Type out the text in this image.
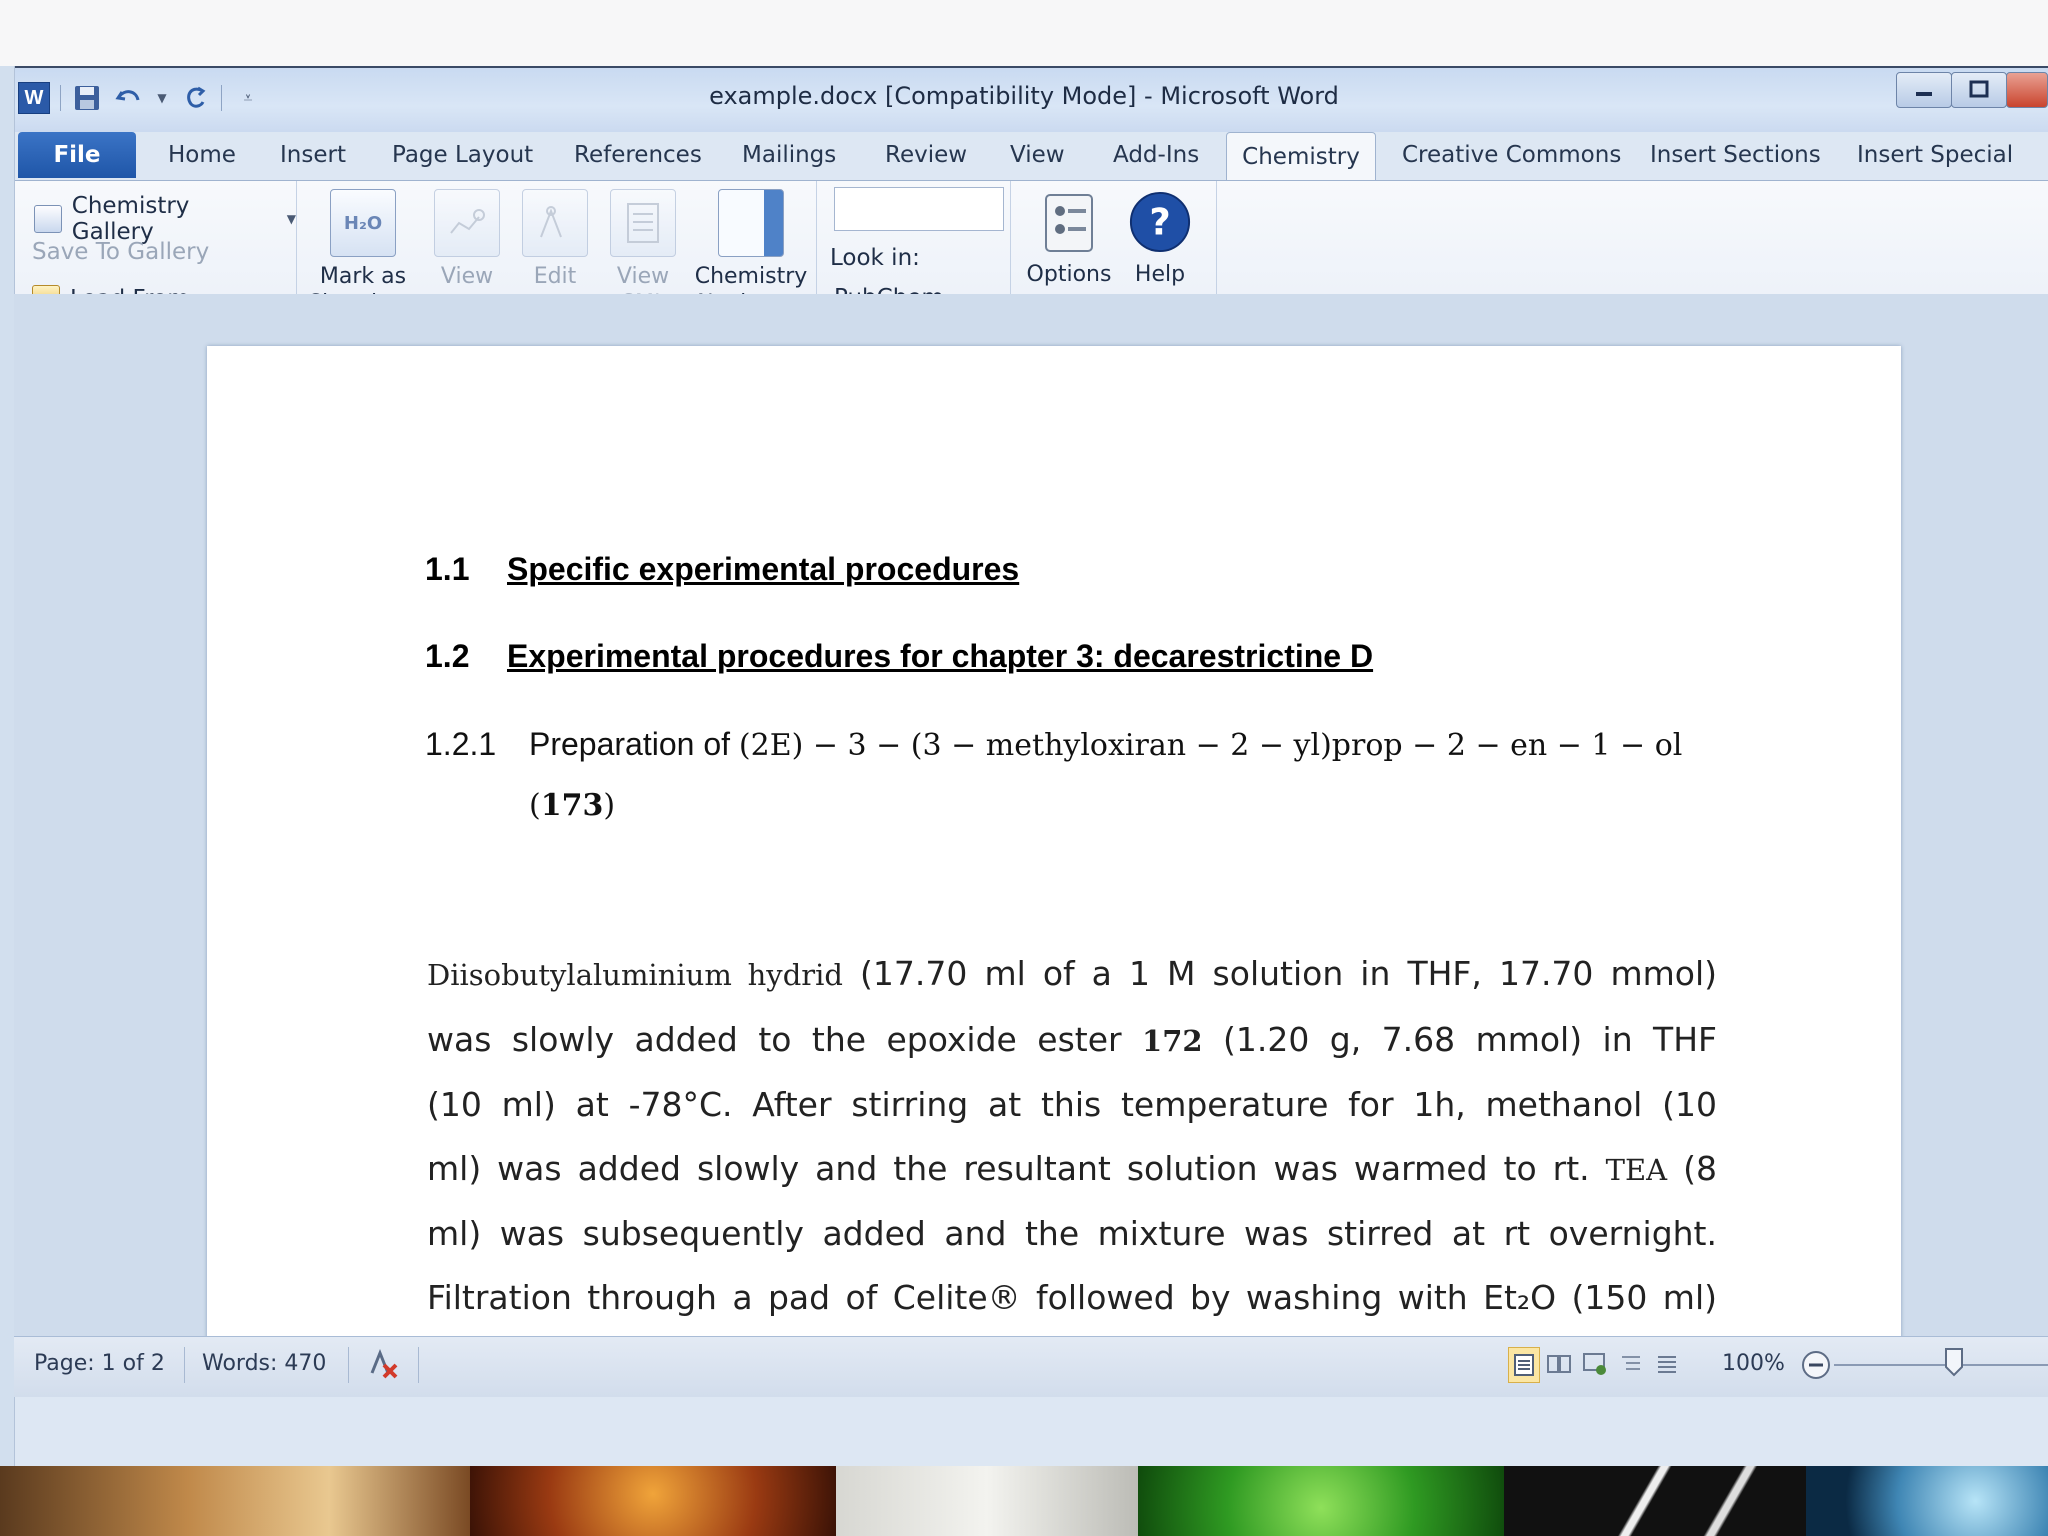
W	▼	⩡	example.docx [Compatibility Mode] - Microsoft Word
File	Home Insert Page Layout References Mailings Review View Add-Ins	Chemistry	Creative Commons Insert Sections Insert Special
Chemistry Gallery	▼
Save To Gallery
H₂O
Mark as View Edit View Chemistry
Look in:
Options
?
Help
1.1 Specific experimental procedures
1.2 Experimental procedures for chapter 3: decarestrictine D
1.2.1 Preparation of (2E) − 3 − (3 − methyloxiran − 2 − yl)prop − 2 − en − 1 − ol
(173)
Diisobutylaluminium hydrid (17.70 ml of a 1 M solution in THF, 17.70 mmol)
was slowly added to the epoxide ester 172 (1.20 g, 7.68 mmol) in THF
(10 ml) at -78°C. After stirring at this temperature for 1h, methanol (10
ml) was added slowly and the resultant solution was warmed to rt. TEA (8
ml) was subsequently added and the mixture was stirred at rt overnight.
Filtration through a pad of Celite® followed by washing with Et₂O (150 ml)
Page: 1 of 2 Words: 470	100%
